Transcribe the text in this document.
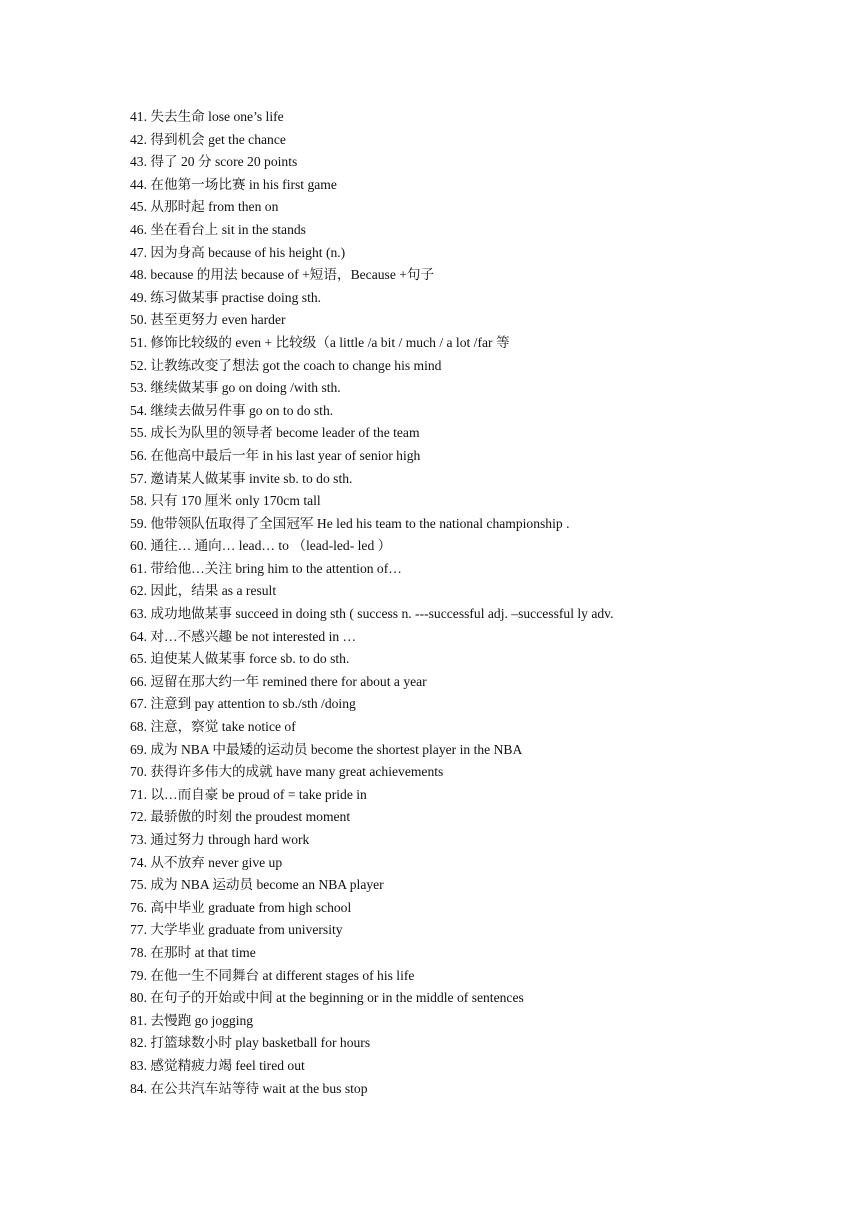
41. 失去生命 lose one’s life
42. 得到机会 get the chance
43. 得了 20 分 score 20 points
44. 在他第一场比赛 in his first game
45. 从那时起 from then on
46. 坐在看台上 sit in the stands
47. 因为身高 because of his height (n.)
48. because 的用法 because of +短语，Because +句子
49. 练习做某事 practise doing sth.
50. 甚至更努力 even harder
51. 修饰比较级的 even + 比较级（a little /a bit / much / a lot /far 等
52. 让教练改变了想法 got the coach to change his mind
53. 继续做某事 go on doing /with sth.
54. 继续去做另件事 go on to do sth.
55. 成长为队里的领导者 become leader of the team
56. 在他高中最后一年 in his last year of senior high
57. 邀请某人做某事 invite sb. to do sth.
58. 只有 170 厘米 only 170cm tall
59. 他带领队伍取得了全国冠军 He led his team to the national championship .
60. 通往… 通向… lead… to （lead-led- led ）
61. 带给他…关注 bring him to the attention of…
62. 因此，结果 as a result
63. 成功地做某事 succeed in doing sth ( success n. ---successful adj. –successful ly adv.
64. 对…不感兴趣 be not interested in …
65. 迫使某人做某事 force sb. to do sth.
66. 逗留在那大约一年 remined there for about a year
67. 注意到 pay attention to sb./sth /doing
68. 注意，察觉 take notice of
69. 成为 NBA 中最矮的运动员 become the shortest player in the NBA
70. 获得许多伟大的成就 have many great achievements
71. 以…而自豪 be proud of = take pride in
72. 最骄傲的时刻 the proudest moment
73. 通过努力 through hard work
74. 从不放弃 never give up
75. 成为 NBA 运动员 become an NBA player
76. 高中毕业 graduate from high school
77. 大学毕业 graduate from university
78. 在那时 at that time
79. 在他一生不同舞台 at different stages of his life
80. 在句子的开始或中间 at the beginning or in the middle of sentences
81. 去慢跑 go jogging
82. 打篮球数小时 play basketball for hours
83. 感觉精疲力竭 feel tired out
84. 在公共汽车站等待 wait at the bus stop
